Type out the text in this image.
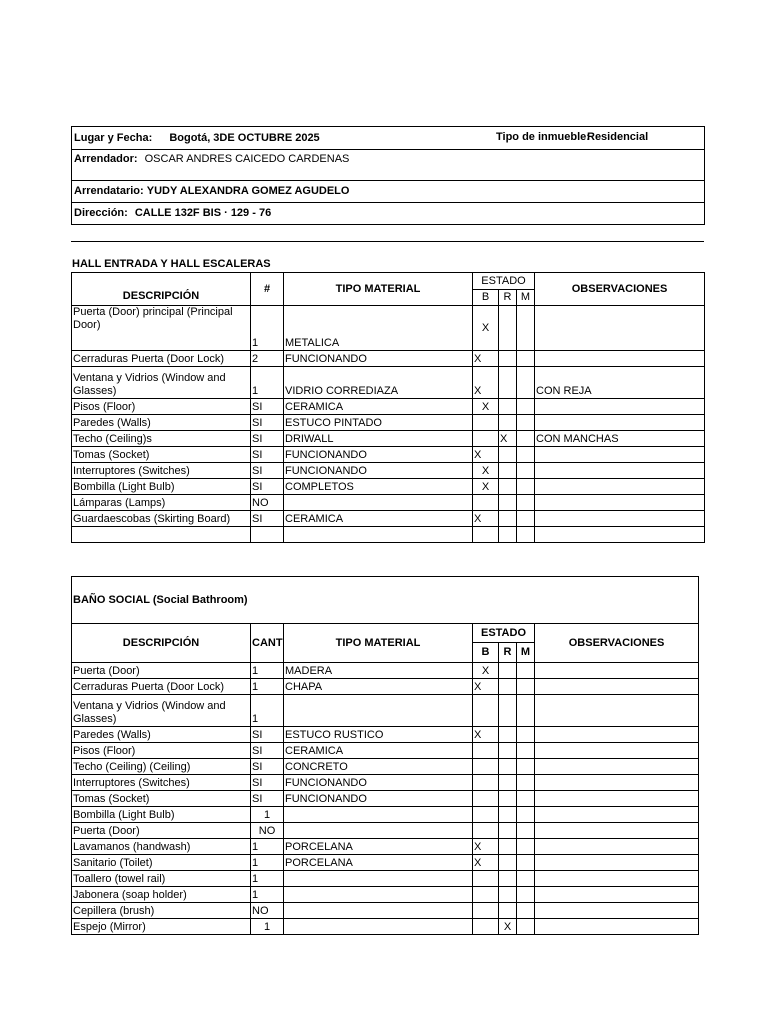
Lugar y Fecha: Bogotá, 3DE OCTUBRE 2025	Tipo de inmueble:
Residencial

Arrendador: OSCAR ANDRES CAICEDO CARDENAS
Arrendatario: YUDY ALEXANDRA GOMEZ AGUDELO
Dirección: CALLE 132F BIS · 129 - 76
HALL ENTRADA Y HALL ESCALERAS
DESCRIPCIÓN	#	TIPO MATERIAL	ESTADO			OBSERVACIONES
			B	R	M	
Puerta (Door) principal (Principal Door)	1	METALICA	X			
Cerraduras Puerta (Door Lock)	2	FUNCIONANDO	X			
Ventana y Vidrios (Window and Glasses)	1	VIDRIO CORREDIAZA	X			CON REJA
Pisos (Floor)	SI	CERAMICA	X			
Paredes (Walls)	SI	ESTUCO PINTADO				
Techo (Ceiling)s	SI	DRIWALL		X		CON MANCHAS
Tomas (Socket)	SI	FUNCIONANDO	X			
Interruptores (Switches)	SI	FUNCIONANDO	X			
Bombilla (Light Bulb)	SI	COMPLETOS	X			
Lámparas (Lamps)	NO					
Guardaescobas (Skirting Board)	SI	CERAMICA	X			

BAÑO SOCIAL (Social Bathroom)						
DESCRIPCIÓN	CANT	TIPO MATERIAL	ESTADO			OBSERVACIONES
			B	R	M	
Puerta (Door)	1	MADERA	X			
Cerraduras Puerta (Door Lock)	1	CHAPA	X			
Ventana y Vidrios (Window and Glasses)	1					
Paredes (Walls)	SI	ESTUCO RUSTICO	X			
Pisos (Floor)	SI	CERAMICA				
Techo (Ceiling) (Ceiling)	SI	CONCRETO				
Interruptores (Switches)	SI	FUNCIONANDO				
Tomas (Socket)	SI	FUNCIONANDO				
Bombilla (Light Bulb)	1					
Puerta (Door)	NO					
Lavamanos (handwash)	1	PORCELANA	X			
Sanitario (Toilet)	1	PORCELANA	X			
Toallero (towel rail)	1					
Jabonera (soap holder)	1					
Cepillera (brush)	NO					
Espejo (Mirror)	1			X		
